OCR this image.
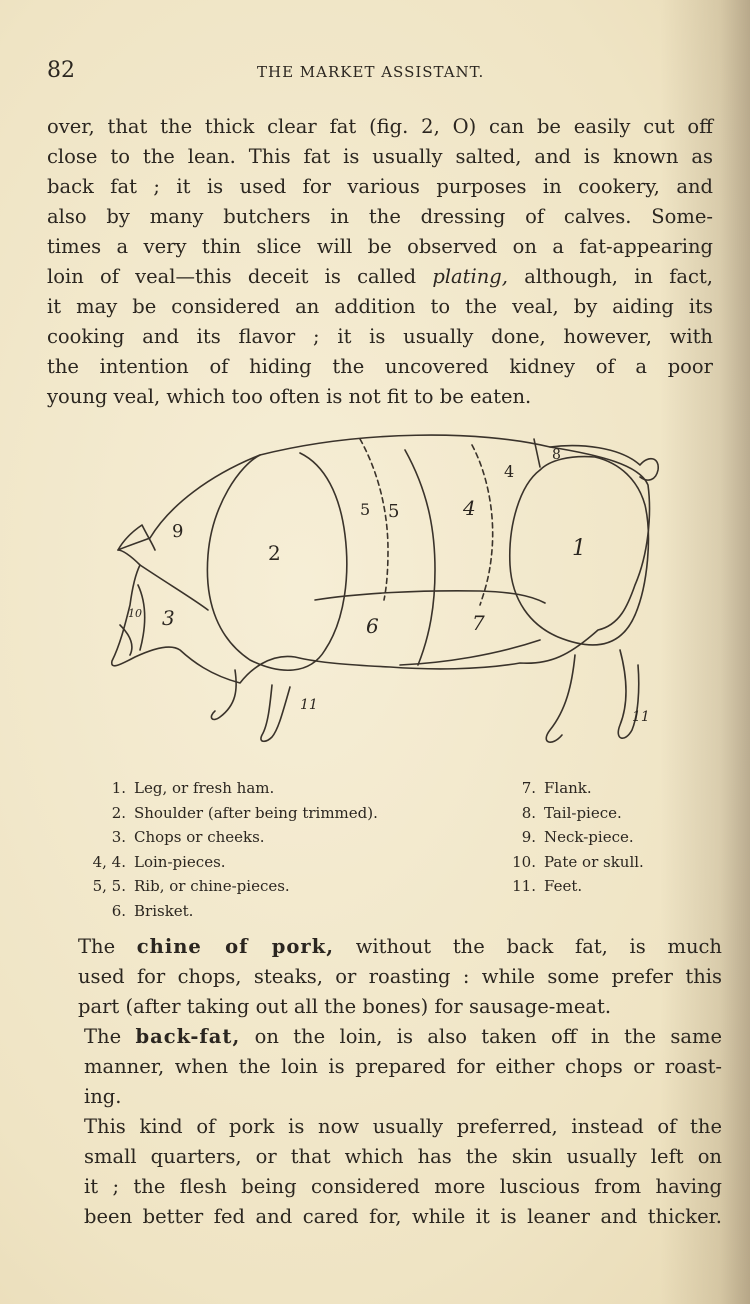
82	THE MARKET ASSISTANT.
over, that the thick clear fat (fig. 2, O) can be easily cut off
close to the lean. This fat is usually salted, and is known as
back fat ; it is used for various purposes in cookery, and
also by many butchers in the dressing of calves. Some-
times a very thin slice will be observed on a fat-appearing
loin of veal—this deceit is called plating, although, in fact,
it may be considered an addition to the veal, by aiding its
cooking and its flavor ; it is usually done, however, with
the intention of hiding the uncovered kidney of a poor
young veal, which too often is not fit to be eaten.
1
2
3
4
4
5 5
6	7
8
9
10
11
11
1. Leg, or fresh ham.
2. Shoulder (after being trimmed).
3. Chops or cheeks.
4, 4. Loin-pieces.
5, 5. Rib, or chine-pieces.
6. Brisket.
7. Flank.
8. Tail-piece.
9. Neck-piece.
10. Pate or skull.
11. Feet.
The chine of pork, without the back fat, is much
used for chops, steaks, or roasting : while some prefer this
part (after taking out all the bones) for sausage-meat.
The back-fat, on the loin, is also taken off in the same
manner, when the loin is prepared for either chops or roast-
ing.
This kind of pork is now usually preferred, instead of the
small quarters, or that which has the skin usually left on
it ; the flesh being considered more luscious from having
been better fed and cared for, while it is leaner and thicker.
